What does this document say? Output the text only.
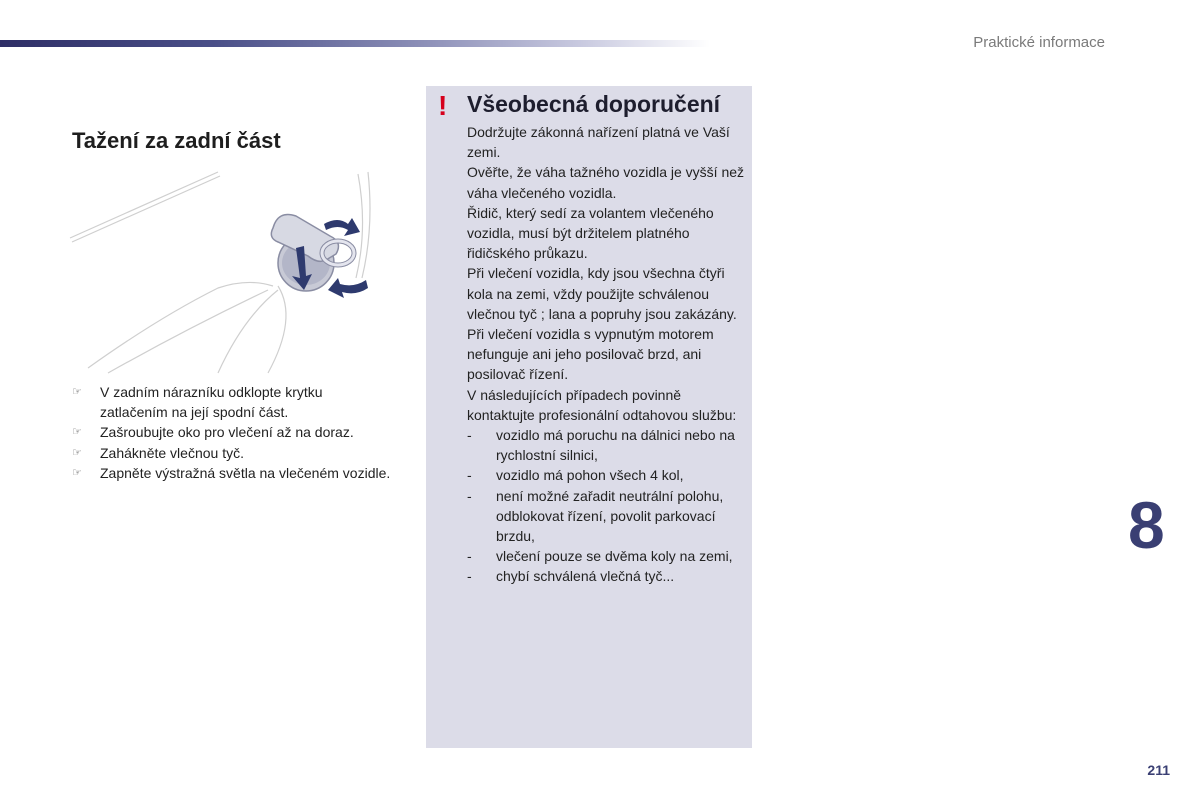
Praktické informace
Tažení za zadní část
☞ V zadním nárazníku odklopte krytku zatlačením na její spodní část.
☞ Zašroubujte oko pro vlečení až na doraz.
☞ Zahákněte vlečnou tyč.
☞ Zapněte výstražná světla na vlečeném vozidle.
! Všeobecná doporučení

Dodržujte zákonná nařízení platná ve Vaší zemi.

Ověřte, že váha tažného vozidla je vyšší než váha vlečeného vozidla.

Řidič, který sedí za volantem vlečeného vozidla, musí být držitelem platného řidičského průkazu.

Při vlečení vozidla, kdy jsou všechna čtyři kola na zemi, vždy použijte schválenou vlečnou tyč ; lana a popruhy jsou zakázány.

Při vlečení vozidla s vypnutým motorem nefunguje ani jeho posilovač brzd, ani posilovač řízení.

V následujících případech povinně kontaktujte profesionální odtahovou službu:

- vozidlo má poruchu na dálnici nebo na rychlostní silnici,
- vozidlo má pohon všech 4 kol,
- není možné zařadit neutrální polohu, odblokovat řízení, povolit parkovací brzdu,
- vlečení pouze se dvěma koly na zemi,
- chybí schválená vlečná tyč...
8
211
